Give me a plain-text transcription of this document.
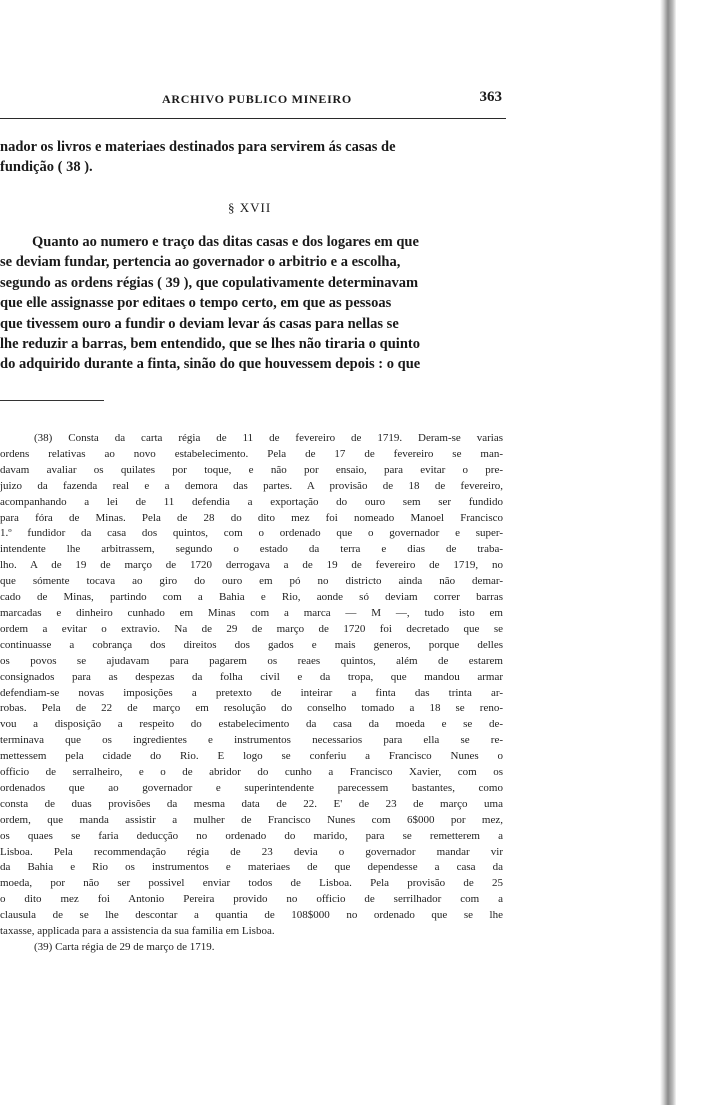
ARCHIVO PUBLICO MINEIRO	363

nador os livros e materiaes destinados para servirem ás casas de
fundição ( 38 ).

§ XVII
Quanto ao numero e traço das ditas casas e dos logares em que
se deviam fundar, pertencia ao governador o arbitrio e a escolha,
segundo as ordens régias ( 39 ), que copulativamente determinavam
que elle assignasse por editaes o tempo certo, em que as pessoas
que tivessem ouro a fundir o deviam levar ás casas para nellas se
lhe reduzir a barras, bem entendido, que se lhes não tiraria o quinto
do adquirido durante a finta, sinão do que houvessem depois : o que
(38) Consta da carta régia de 11 de fevereiro de 1719. Deram-se varias
ordens relativas ao novo estabelecimento. Pela de 17 de fevereiro se man-
davam avaliar os quilates por toque, e não por ensaio, para evitar o pre-
juizo da fazenda real e a demora das partes. A provisão de 18 de fevereiro,
acompanhando a lei de 11 defendia a exportação do ouro sem ser fundido
para fóra de Minas. Pela de 28 do dito mez foi nomeado Manoel Francisco
1.º fundidor da casa dos quintos, com o ordenado que o governador e super-
intendente lhe arbitrassem, segundo o estado da terra e dias de traba-
lho. A de 19 de março de 1720 derrogava a de 19 de fevereiro de 1719, no
que sómente tocava ao giro do ouro em pó no districto ainda não demar-
cado de Minas, partindo com a Bahia e Rio, aonde só deviam correr barras
marcadas e dinheiro cunhado em Minas com a marca — M —, tudo isto em
ordem a evitar o extravio. Na de 29 de março de 1720 foi decretado que se
continuasse a cobrança dos direitos dos gados e mais generos, porque delles
os povos se ajudavam para pagarem os reaes quintos, além de estarem
consignados para as despezas da folha civil e da tropa, que mandou armar
defendiam-se novas imposições a pretexto de inteirar a finta das trinta ar-
robas. Pela de 22 de março em resolução do conselho tomado a 18 se reno-
vou a disposição a respeito do estabelecimento da casa da moeda e se de-
terminava que os ingredientes e instrumentos necessarios para ella se re-
mettessem pela cidade do Rio. E logo se conferiu a Francisco Nunes o
officio de serralheiro, e o de abridor do cunho a Francisco Xavier, com os
ordenados que ao governador e superintendente parecessem bastantes, como
consta de duas provisões da mesma data de 22. E' de 23 de março uma
ordem, que manda assistir a mulher de Francisco Nunes com 6$000 por mez,
os quaes se faria deducção no ordenado do marido, para se remetterem a
Lisboa. Pela recommendação régia de 23 devia o governador mandar vir
da Bahia e Rio os instrumentos e materiaes de que dependesse a casa da
moeda, por não ser possivel enviar todos de Lisboa. Pela provisão de 25
o dito mez foi Antonio Pereira provido no officio de serrilhador com a
clausula de se lhe descontar a quantia de 108$000 no ordenado que se lhe
taxasse, applicada para a assistencia da sua familia em Lisboa.
(39) Carta régia de 29 de março de 1719.
